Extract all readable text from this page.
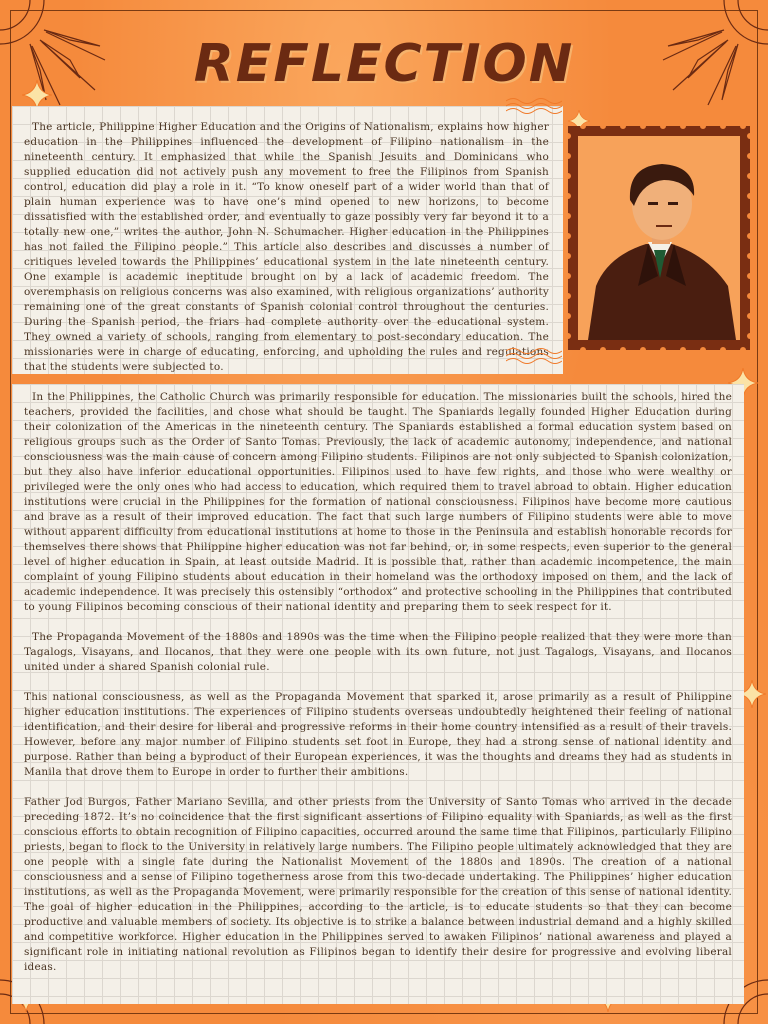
REFLECTION

The article, Philippine Higher Education and the Origins of Nationalism, explains how higher education in the Philippines influenced the development of Filipino nationalism in the nineteenth century. It emphasized that while the Spanish Jesuits and Dominicans who supplied education did not actively push any movement to free the Filipinos from Spanish control, education did play a role in it. “To know oneself part of a wider world than that of plain human experience was to have one’s mind opened to new horizons, to become dissatisfied with the established order, and eventually to gaze possibly very far beyond it to a totally new one,” writes the author, John N. Schumacher. Higher education in the Philippines has not failed the Filipino people.” This article also describes and discusses a number of critiques leveled towards the Philippines’ educational system in the late nineteenth century. One example is academic ineptitude brought on by a lack of academic freedom. The overemphasis on religious concerns was also examined, with religious organizations’ authority remaining one of the great constants of Spanish colonial control throughout the centuries. During the Spanish period, the friars had complete authority over the educational system. They owned a variety of schools, ranging from elementary to post-secondary education. The missionaries were in charge of educating, enforcing, and upholding the rules and regulations that the students were subjected to.

In the Philippines, the Catholic Church was primarily responsible for education. The missionaries built the schools, hired the teachers, provided the facilities, and chose what should be taught. The Spaniards legally founded Higher Education during their colonization of the Americas in the nineteenth century. The Spaniards established a formal education system based on religious groups such as the Order of Santo Tomas. Previously, the lack of academic autonomy, independence, and national consciousness was the main cause of concern among Filipino students. Filipinos are not only subjected to Spanish colonization, but they also have inferior educational opportunities. Filipinos used to have few rights, and those who were wealthy or privileged were the only ones who had access to education, which required them to travel abroad to obtain. Higher education institutions were crucial in the Philippines for the formation of national consciousness. Filipinos have become more cautious and brave as a result of their improved education. The fact that such large numbers of Filipino students were able to move without apparent difficulty from educational institutions at home to those in the Peninsula and establish honorable records for themselves there shows that Philippine higher education was not far behind, or, in some respects, even superior to the general level of higher education in Spain, at least outside Madrid. It is possible that, rather than academic incompetence, the main complaint of young Filipino students about education in their homeland was the orthodoxy imposed on them, and the lack of academic independence. It was precisely this ostensibly “orthodox” and protective schooling in the Philippines that contributed to young Filipinos becoming conscious of their national identity and preparing them to seek respect for it.

The Propaganda Movement of the 1880s and 1890s was the time when the Filipino people realized that they were more than Tagalogs, Visayans, and Ilocanos, that they were one people with its own future, not just Tagalogs, Visayans, and Ilocanos united under a shared Spanish colonial rule.

This national consciousness, as well as the Propaganda Movement that sparked it, arose primarily as a result of Philippine higher education institutions. The experiences of Filipino students overseas undoubtedly heightened their feeling of national identification, and their desire for liberal and progressive reforms in their home country intensified as a result of their travels. However, before any major number of Filipino students set foot in Europe, they had a strong sense of national identity and purpose. Rather than being a byproduct of their European experiences, it was the thoughts and dreams they had as students in Manila that drove them to Europe in order to further their ambitions.

Father Jod Burgos, Father Mariano Sevilla, and other priests from the University of Santo Tomas who arrived in the decade preceding 1872. It’s no coincidence that the first significant assertions of Filipino equality with Spaniards, as well as the first conscious efforts to obtain recognition of Filipino capacities, occurred around the same time that Filipinos, particularly Filipino priests, began to flock to the University in relatively large numbers. The Filipino people ultimately acknowledged that they are one people with a single fate during the Nationalist Movement of the 1880s and 1890s. The creation of a national consciousness and a sense of Filipino togetherness arose from this two-decade undertaking. The Philippines’ higher education institutions, as well as the Propaganda Movement, were primarily responsible for the creation of this sense of national identity. The goal of higher education in the Philippines, according to the article, is to educate students so that they can become productive and valuable members of society. Its objective is to strike a balance between industrial demand and a highly skilled and competitive workforce. Higher education in the Philippines served to awaken Filipinos’ national awareness and played a significant role in initiating national revolution as Filipinos began to identify their desire for progressive and evolving liberal ideas.
